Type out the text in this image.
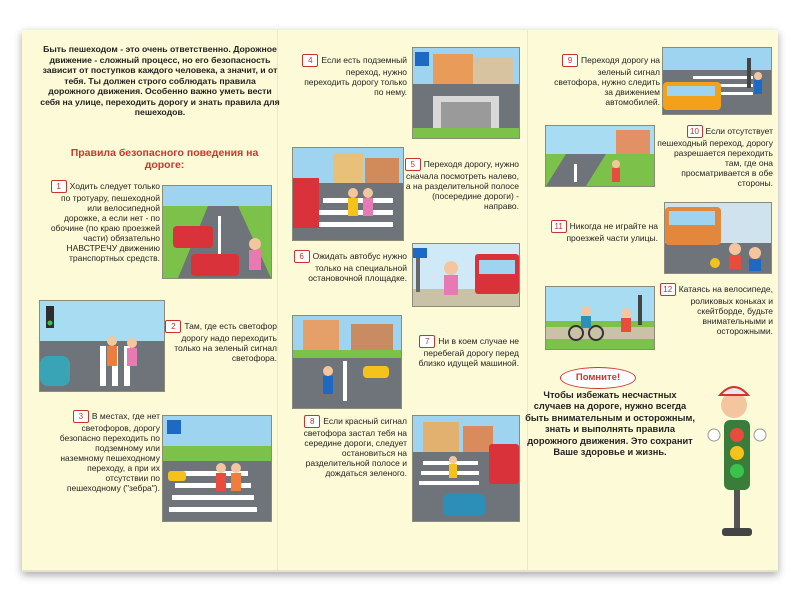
Быть пешеходом - это очень ответственно. Дорожное движение - сложный процесс, но его безопасность зависит от поступков каждого человека, а значит, и от тебя. Ты должен строго соблюдать правила дорожного движения. Особенно важно уметь вести себя на улице, переходить дорогу и знать правила для пешеходов.

Правила безопасного поведения на дороге:

1 Ходить следует только по тротуару, пешеходной или велосипедной дорожке, а если нет - по обочине (по краю проезжей части) обязательно НАВСТРЕЧУ движению транспортных средств.

2 Там, где есть светофор дорогу надо переходить только на зеленый сигнал светофора.

3 В местах, где нет светофоров, дорогу безопасно переходить по подземному или наземному пешеходному переходу, а при их отсутствии по пешеходному ("зебра").

4 Если есть подземный переход, нужно переходить дорогу только по нему.

5 Переходя дорогу, нужно сначала посмотреть налево, а на разделительной полосе (посередине дороги) - направо.

6 Ожидать автобус нужно только на специальной остановочной площадке.

7 Ни в коем случае не перебегай дорогу перед близко идущей машиной.

8 Если красный сигнал светофора застал тебя на середине дороги, следует остановиться на разделительной полосе и дождаться зеленого.

9 Переходя дорогу на зеленый сигнал светофора, нужно следить за движением автомобилей.

10 Если отсутствует пешеходный переход, дорогу разрешается переходить там, где она просматривается в обе стороны.

11 Никогда не играйте на проезжей части улицы.

12 Катаясь на велосипеде, роликовых коньках и скейтборде, будьте внимательными и осторожными.

Помните!

Чтобы избежать несчастных случаев на дороге, нужно всегда быть внимательным и осторожным, знать и выполнять правила дорожного движения. Это сохранит Ваше здоровье и жизнь.
